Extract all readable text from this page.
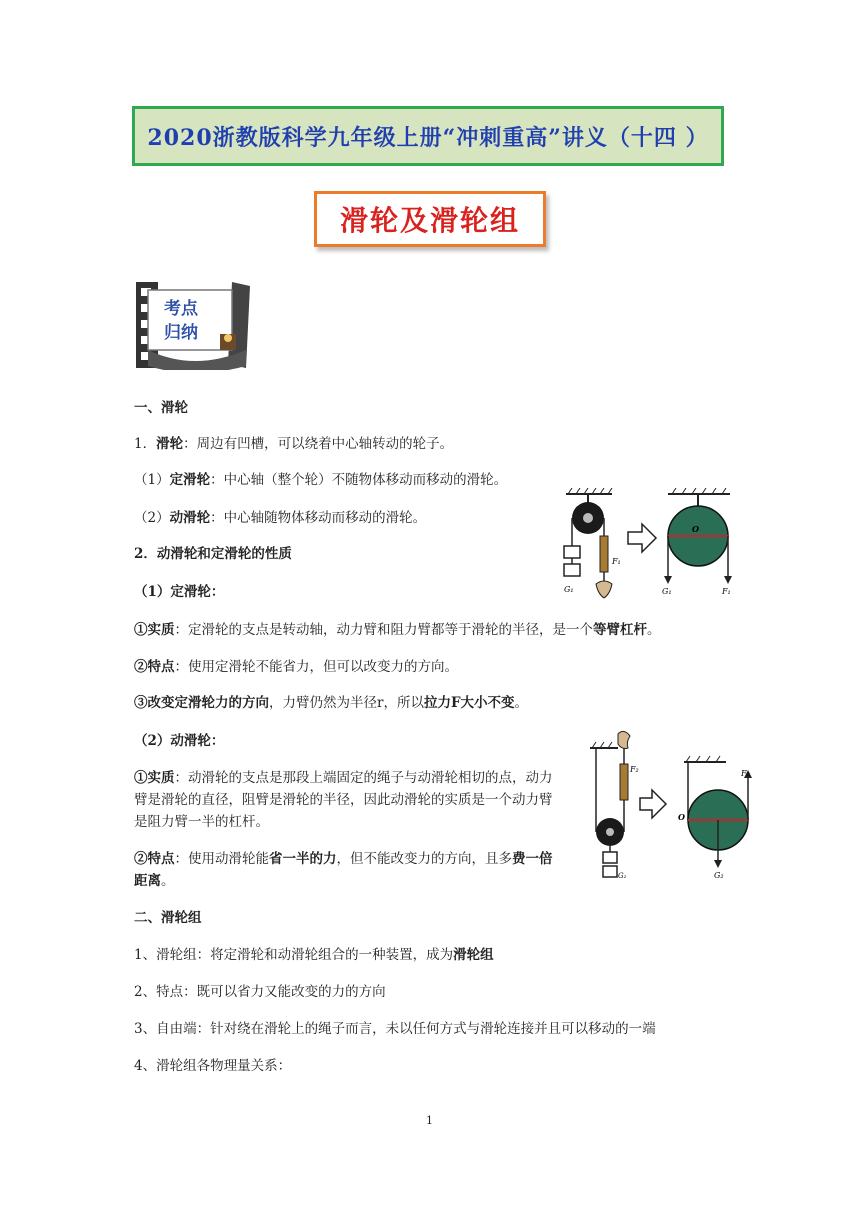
2020浙教版科学九年级上册“冲刺重高”讲义（十四 ）
滑轮及滑轮组
考点
归纳
一、滑轮
1．滑轮：周边有凹槽，可以绕着中心轴转动的轮子。
（1）定滑轮：中心轴（整个轮）不随物体移动而移动的滑轮。
（2）动滑轮：中心轴随物体移动而移动的滑轮。
2．动滑轮和定滑轮的性质
（1）定滑轮：
①实质：定滑轮的支点是转动轴，动力臂和阻力臂都等于滑轮的半径，是一个等臂杠杆。
②特点：使用定滑轮不能省力，但可以改变力的方向。
③改变定滑轮力的方向，力臂仍然为半径r，所以拉力F大小不变。
（2）动滑轮：
①实质：动滑轮的支点是那段上端固定的绳子与动滑轮相切的点，动力臂是滑轮的直径，阻臂是滑轮的半径，因此动滑轮的实质是一个动力臂是阻力臂一半的杠杆。
②特点：使用动滑轮能省一半的力，但不能改变力的方向，且多费一倍距离。
二、滑轮组
1、滑轮组：将定滑轮和动滑轮组合的一种装置，成为滑轮组
2、特点：既可以省力又能改变的力的方向
3、自由端：针对绕在滑轮上的绳子而言，未以任何方式与滑轮连接并且可以移动的一端
4、滑轮组各物理量关系：
G₁
F₁
O
G₁	F₁
F₂
G₂
O
F₂
G₂
1
